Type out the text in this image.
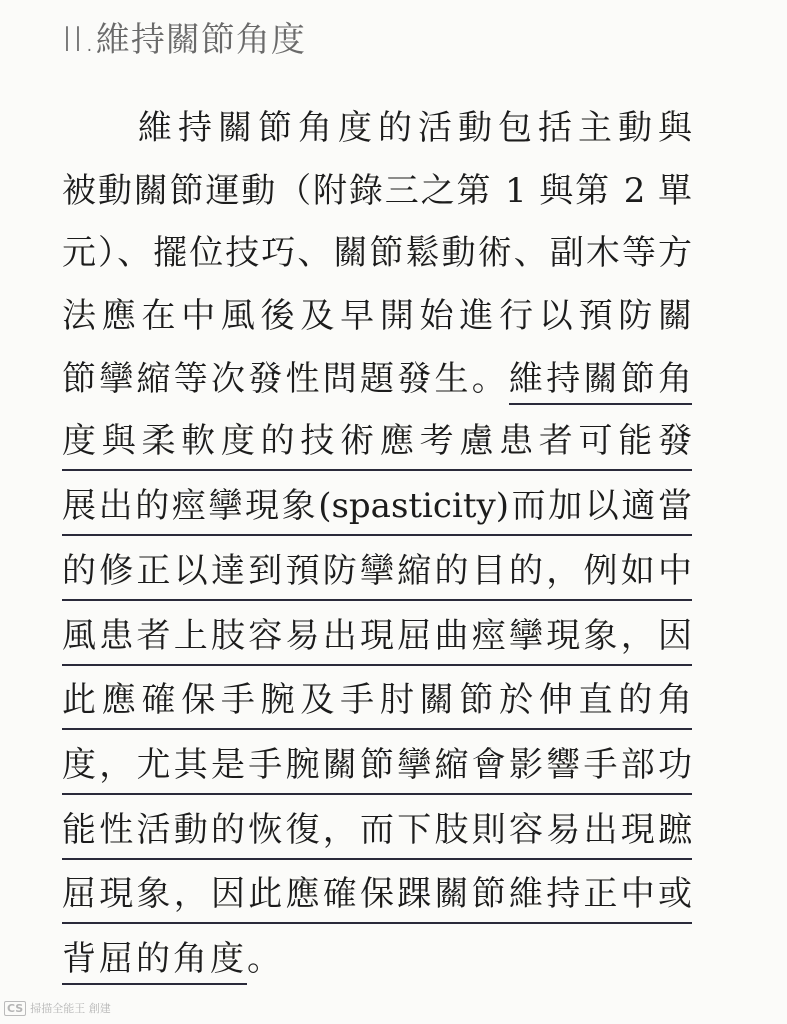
II.維持關節角度
維持關節角度的活動包括主動與
被動關節運動（附錄三之第 1 與第 2 單
元）、擺位技巧、關節鬆動術、副木等方
法應在中風後及早開始進行以預防關
節攣縮等次發性問題發生。維持關節角
度與柔軟度的技術應考慮患者可能發
展出的痙攣現象(spasticity)而加以適當
的修正以達到預防攣縮的目的，例如中
風患者上肢容易出現屈曲痙攣現象，因
此應確保手腕及手肘關節於伸直的角
度，尤其是手腕關節攣縮會影響手部功
能性活動的恢復，而下肢則容易出現蹠
屈現象，因此應確保踝關節維持正中或
背屈的角度。
CS 掃描全能王 創建
